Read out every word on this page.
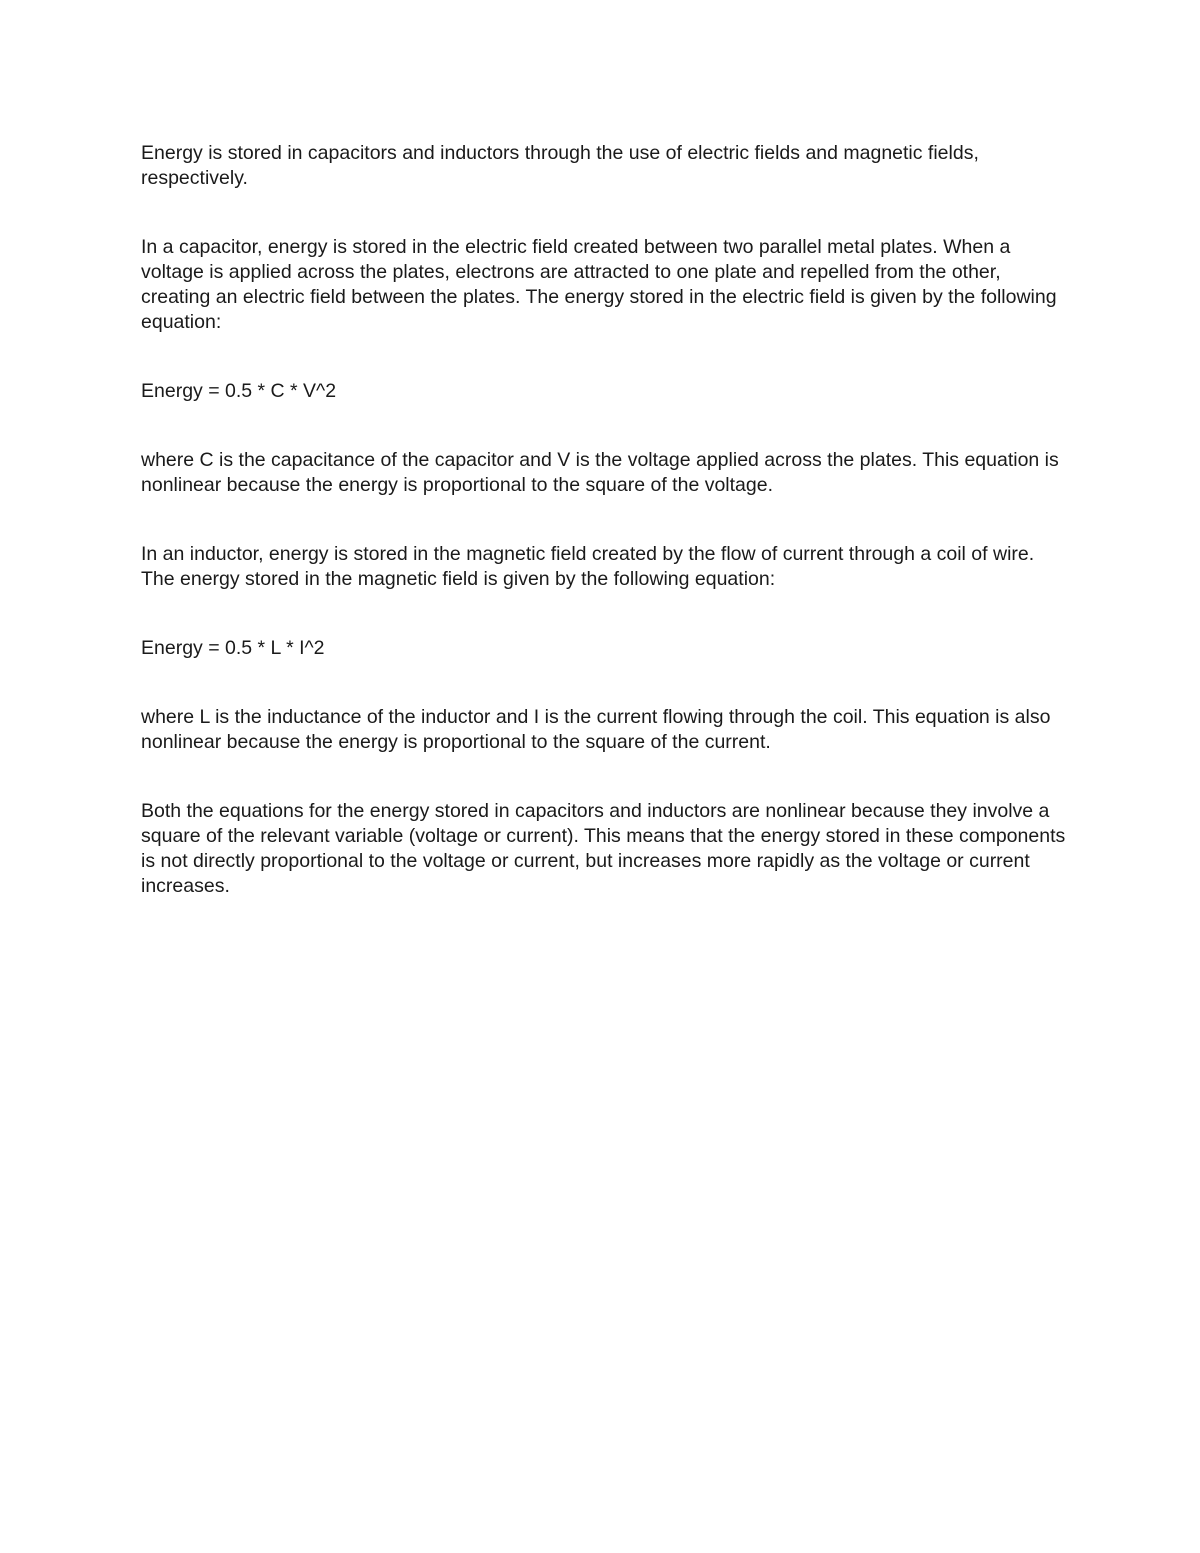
Energy is stored in capacitors and inductors through the use of electric fields and magnetic fields, respectively.

In a capacitor, energy is stored in the electric field created between two parallel metal plates. When a voltage is applied across the plates, electrons are attracted to one plate and repelled from the other, creating an electric field between the plates. The energy stored in the electric field is given by the following equation:

Energy = 0.5 * C * V^2

where C is the capacitance of the capacitor and V is the voltage applied across the plates. This equation is nonlinear because the energy is proportional to the square of the voltage.

In an inductor, energy is stored in the magnetic field created by the flow of current through a coil of wire. The energy stored in the magnetic field is given by the following equation:

Energy = 0.5 * L * I^2

where L is the inductance of the inductor and I is the current flowing through the coil. This equation is also nonlinear because the energy is proportional to the square of the current.

Both the equations for the energy stored in capacitors and inductors are nonlinear because they involve a square of the relevant variable (voltage or current). This means that the energy stored in these components is not directly proportional to the voltage or current, but increases more rapidly as the voltage or current increases.
